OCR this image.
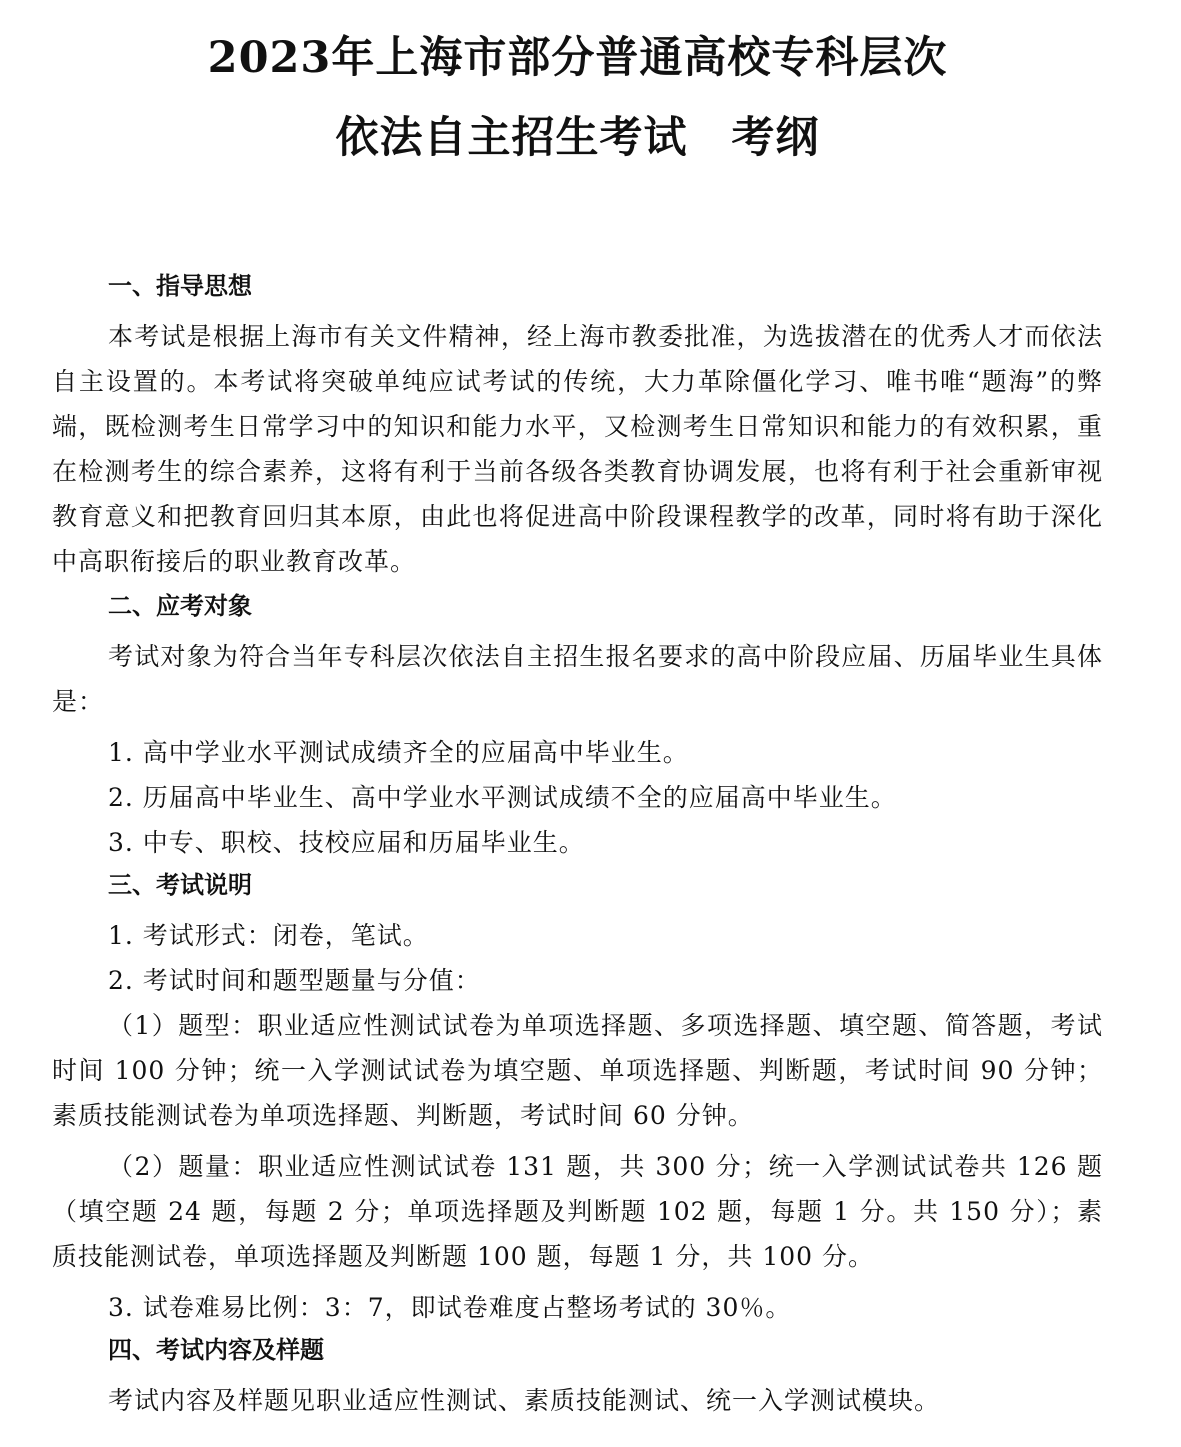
2023年上海市部分普通高校专科层次

依法自主招生考试　考纲

一、指导思想

本考试是根据上海市有关文件精神，经上海市教委批准，为选拔潜在的优秀人才而依法自主设置的。本考试将突破单纯应试考试的传统，大力革除僵化学习、唯书唯“题海”的弊端，既检测考生日常学习中的知识和能力水平，又检测考生日常知识和能力的有效积累，重在检测考生的综合素养，这将有利于当前各级各类教育协调发展，也将有利于社会重新审视教育意义和把教育回归其本原，由此也将促进高中阶段课程教学的改革，同时将有助于深化中高职衔接后的职业教育改革。

二、应考对象

考试对象为符合当年专科层次依法自主招生报名要求的高中阶段应届、历届毕业生具体是：

1. 高中学业水平测试成绩齐全的应届高中毕业生。

2. 历届高中毕业生、高中学业水平测试成绩不全的应届高中毕业生。

3. 中专、职校、技校应届和历届毕业生。

三、考试说明

1. 考试形式：闭卷，笔试。

2. 考试时间和题型题量与分值：

（1）题型：职业适应性测试试卷为单项选择题、多项选择题、填空题、简答题，考试时间 100 分钟；统一入学测试试卷为填空题、单项选择题、判断题，考试时间 90 分钟；素质技能测试卷为单项选择题、判断题，考试时间 60 分钟。

（2）题量：职业适应性测试试卷 131 题，共 300 分；统一入学测试试卷共 126 题（填空题 24 题，每题 2 分；单项选择题及判断题 102 题，每题 1 分。共 150 分）；素质技能测试卷，单项选择题及判断题 100 题，每题 1 分，共 100 分。

3. 试卷难易比例：3：7，即试卷难度占整场考试的 30％。

四、考试内容及样题

考试内容及样题见职业适应性测试、素质技能测试、统一入学测试模块。
